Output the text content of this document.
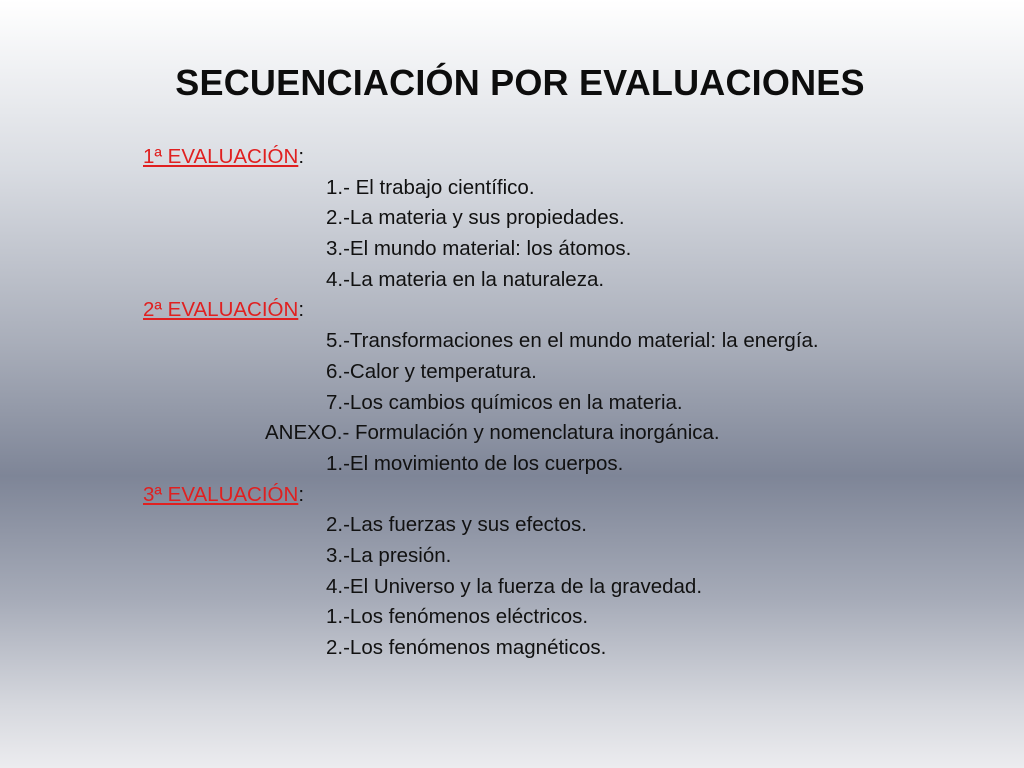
SECUENCIACIÓN POR EVALUACIONES
1ª EVALUACIÓN:
1.- El trabajo científico.
2.-La materia y sus propiedades.
3.-El mundo material: los átomos.
4.-La materia en la naturaleza.
2ª EVALUACIÓN:
5.-Transformaciones en el mundo material: la energía.
6.-Calor y temperatura.
7.-Los cambios químicos en la materia.
ANEXO.- Formulación y nomenclatura inorgánica.
1.-El movimiento de los cuerpos.
3ª EVALUACIÓN:
2.-Las fuerzas y sus efectos.
3.-La presión.
4.-El Universo y la fuerza de la gravedad.
1.-Los fenómenos eléctricos.
2.-Los fenómenos magnéticos.
